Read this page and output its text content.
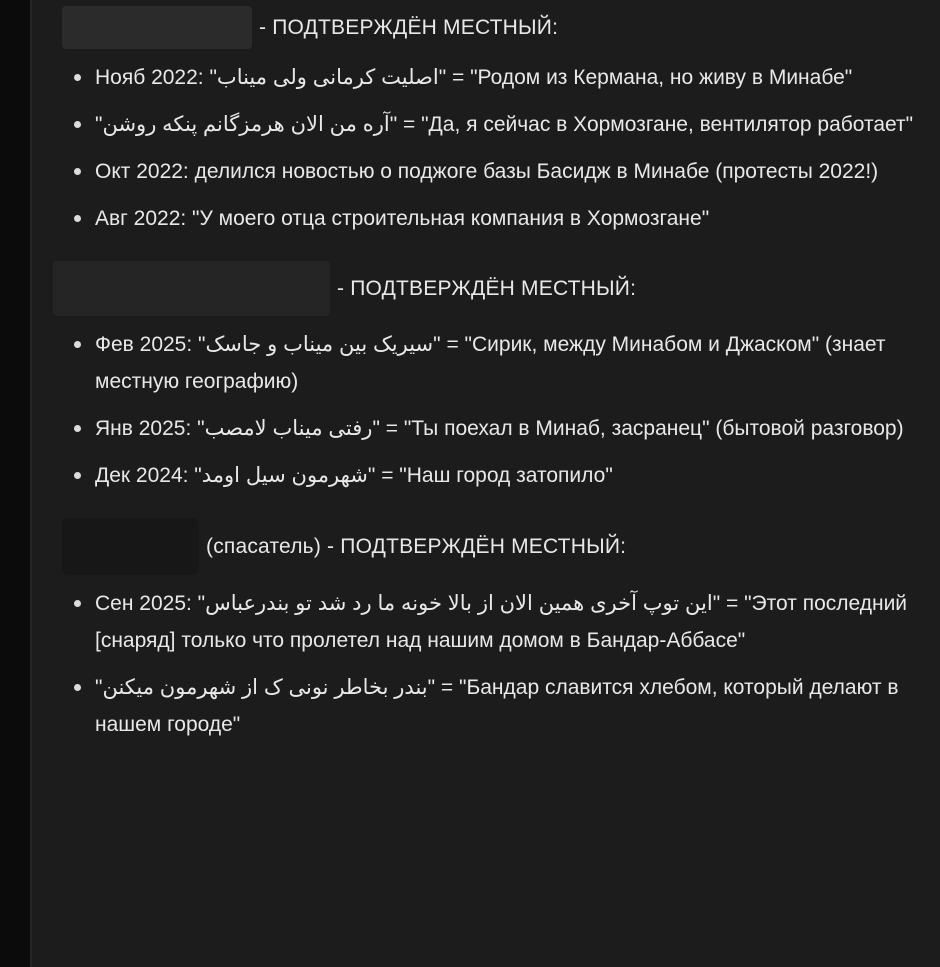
- ПОДТВЕРЖДЁН МЕСТНЫЙ:
Нояб 2022: "اصلیت کرمانی ولی میناب" = "Родом из Кермана, но живу в Минабе"
"آره من الان هرمزگانم پنکه روشن" = "Да, я сейчас в Хормозгане, вентилятор работает"
Окт 2022: делился новостью о поджоге базы Басидж в Минабе (протесты 2022!)
Авг 2022: "У моего отца строительная компания в Хормозгане"
- ПОДТВЕРЖДЁН МЕСТНЫЙ:
Фев 2025: "سیریک بین میناب و جاسک" = "Сирик, между Минабом и Джаском" (знает местную географию)
Янв 2025: "رفتی میناب لامصب" = "Ты поехал в Минаб, засранец" (бытовой разговор)
Дек 2024: "شهرمون سیل اومد" = "Наш город затопило"
(спасатель) - ПОДТВЕРЖДЁН МЕСТНЫЙ:
Сен 2025: "این توپ آخری همین الان از بالا خونه ما رد شد تو بندرعباس" = "Этот последний [снаряд] только что пролетел над нашим домом в Бандар-Аббасе"
"بندر بخاطر نونی ک از شهرمون میکنن" = "Бандар славится хлебом, который делают в нашем городе"
